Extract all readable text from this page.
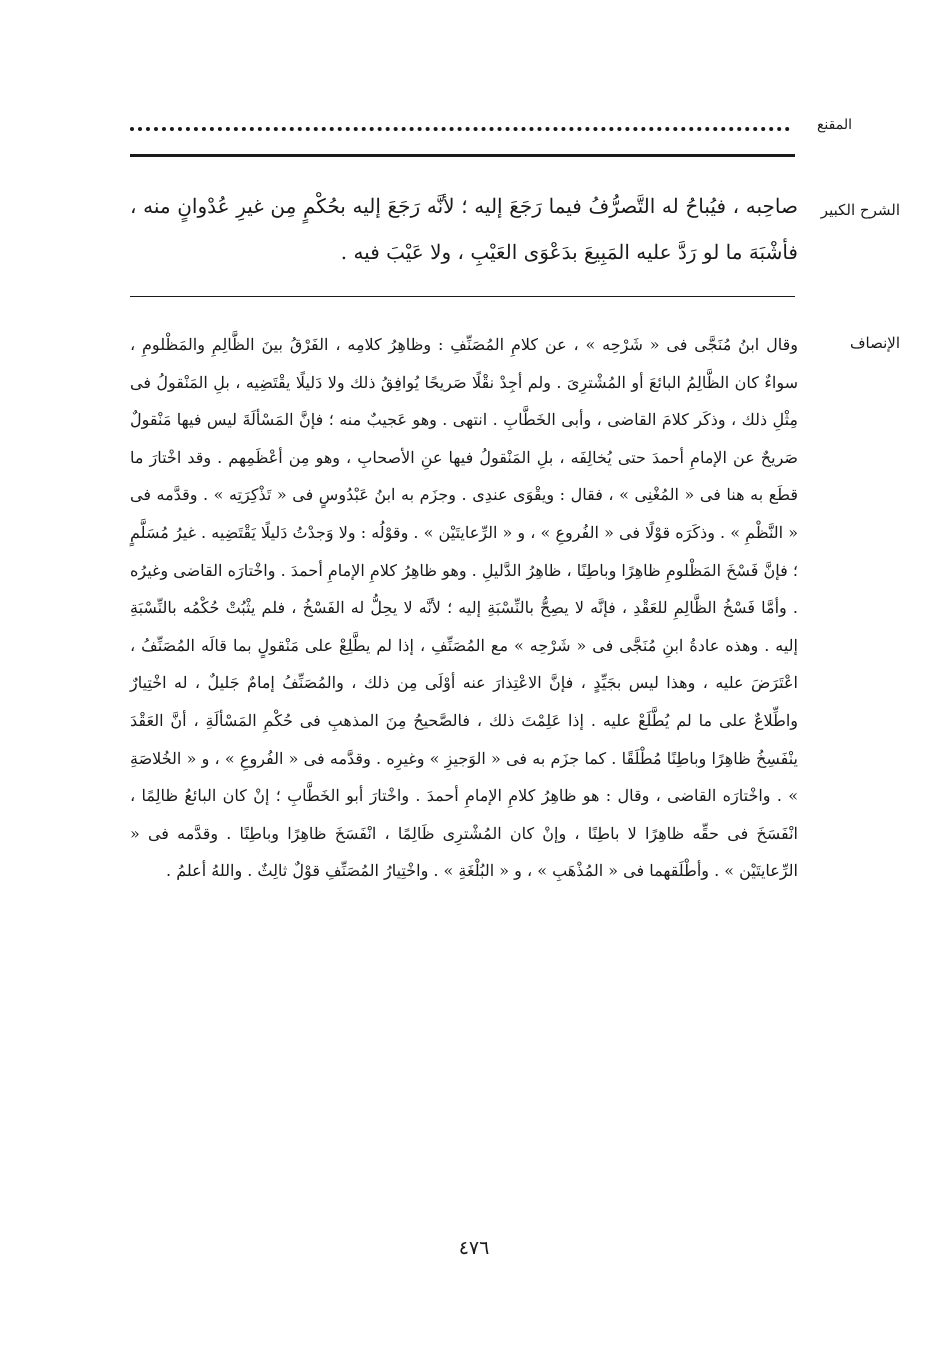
المقنع
الشرح الكبير

صاحِبه ، فيُباحُ له التَّصرُّفُ فيما رَجَعَ إليه ؛ لأنَّه رَجَعَ إليه بحُكْمٍ مِن غيرِ عُدْوانٍ منه ، فأشْبَهَ ما لو رَدَّ عليه المَبِيعَ بدَعْوَى العَيْبِ ، ولا عَيْبَ فيه .

الإنصاف

وقال ابنُ مُنَجَّى فى « شَرْحِه » ، عن كلامِ المُصَنِّفِ : وظاهِرُ كلامِه ، الفَرْقُ بينَ الظَّالِمِ والمَظْلومِ ، سواءٌ كان الظَّالِمُ البائعَ أو المُشْترِىَ . ولم أجِدْ نقْلًا صَريحًا يُوافِقُ ذلك ولا دَليلًا يقْتَضِيه ، بلِ المَنْقولُ فى مِثْلِ ذلك ، وذكَر كلامَ القاضى ، وأبى الخَطَّابِ . انتهى . وهو عَجيبٌ منه ؛ فإنَّ المَسْألَةَ ليس فيها مَنْقولٌ صَريحٌ عن الإمامِ أحمدَ حتى يُخالِفَه ، بلِ المَنْقولُ فيها عنِ الأصحابِ ، وهو مِن أعْظَمِهم . وقد اخْتارَ ما قطَع به هنا فى « المُغْنِى » ، فقال : ويقْوَى عندِى . وجزَم به ابنُ عَبْدُوسٍ فى « تَذْكِرَتِه » . وقدَّمه فى « النَّظْمِ » . وذكَرَه قوْلًا فى « الفُروعِ » ، و « الرِّعايتَيْن » . وقوْلُه : ولا وَجدْتُ دَليلًا يَقْتَضِيه . غيرُ مُسَلَّمٍ ؛ فإنَّ فَسْخَ المَظْلومِ ظاهِرًا وباطِنًا ، ظاهِرُ الدَّليلِ . وهو ظاهِرُ كلامِ الإمامِ أحمدَ . واخْتارَه القاضى وغيرُه . وأمَّا فَسْخُ الظَّالِمِ للعَقْدِ ، فإنَّه لا يصِحُّ بالنِّسْبَةِ إليه ؛ لأنَّه لا يحِلُّ له الفَسْخُ ، فلم يثْبُتْ حُكْمُه بالنِّسْبَةِ إليه . وهذه عادةُ ابنِ مُنَجَّى فى « شَرْحِه » مع المُصَنِّفِ ، إذا لم يطَّلِعْ على مَنْقولٍ بما قالَه المُصَنِّفُ ، اعْتَرَضَ عليه ، وهذا ليس بجَيِّدٍ ، فإنَّ الاعْتِذارَ عنه أوْلَى مِن ذلك ، والمُصَنِّفُ إمامٌ جَليلٌ ، له اخْتِيارٌ واطِّلاعٌ على ما لم يُطَّلَعْ عليه . إذا عَلِمْتَ ذلك ، فالصَّحيحُ مِنَ المذهبِ فى حُكْمِ المَسْألَةِ ، أنَّ العَقْدَ ينْفَسِخُ ظاهِرًا وباطِنًا مُطْلَقًا . كما جزَم به فى « الوَجيزِ » وغيرِه . وقدَّمه فى « الفُروعِ » ، و « الخُلاصَةِ » . واخْتارَه القاضى ، وقال : هو ظاهِرُ كلامِ الإمامِ أحمدَ . واخْتارَ أبو الخَطَّابِ ؛ إنْ كان البائعُ ظالِمًا ، انْفَسَخَ فى حقِّه ظاهِرًا لا باطِنًا ، وإنْ كان المُشْترِى ظَالِمًا ، انْفَسَخَ ظاهِرًا وباطِنًا . وقدَّمه فى « الرِّعايتَيْن » . وأطْلَقهما فى « المُذْهَبِ » ، و « البُلْغَةِ » . واخْتِيارُ المُصَنِّفِ قوْلٌ ثالِثٌ . واللهُ أعلمُ .

٤٧٦
